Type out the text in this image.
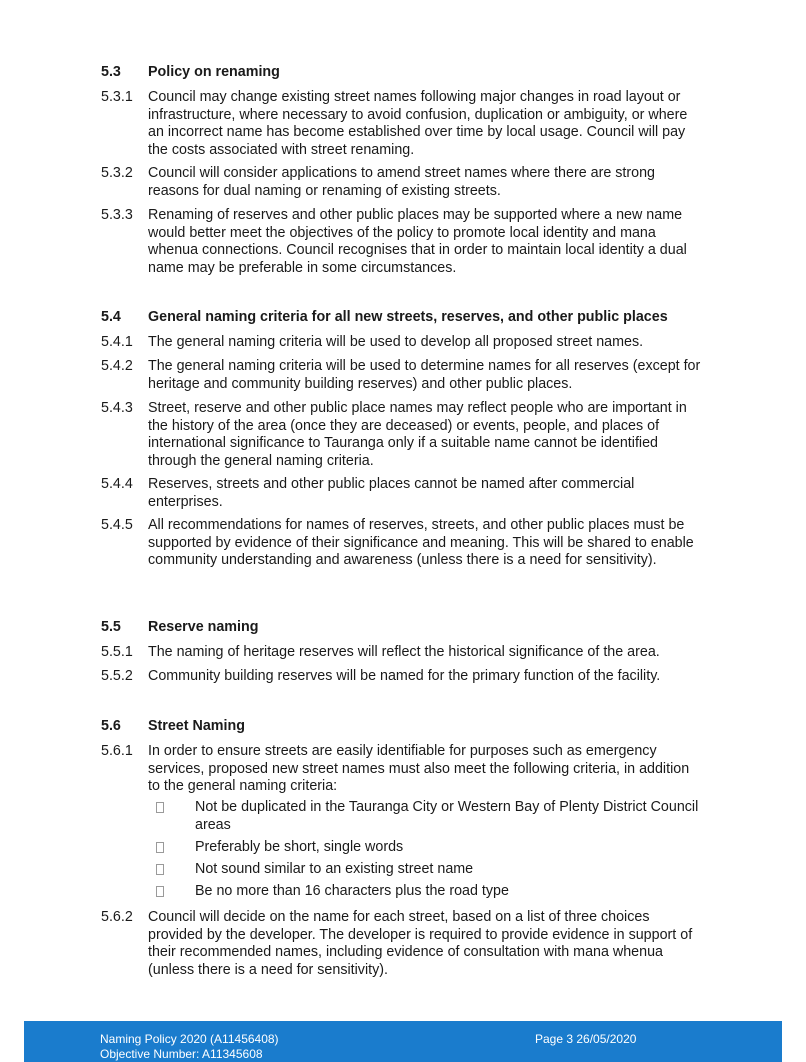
5.3 Policy on renaming
5.3.1	Council may change existing street names following major changes in road layout or infrastructure, where necessary to avoid confusion, duplication or ambiguity, or where an incorrect name has become established over time by local usage. Council will pay the costs associated with street renaming.
5.3.2	Council will consider applications to amend street names where there are strong reasons for dual naming or renaming of existing streets.
5.3.3	Renaming of reserves and other public places may be supported where a new name would better meet the objectives of the policy to promote local identity and mana whenua connections. Council recognises that in order to maintain local identity a dual name may be preferable in some circumstances.
5.4 General naming criteria for all new streets, reserves, and other public places
5.4.1	The general naming criteria will be used to develop all proposed street names.
5.4.2	The general naming criteria will be used to determine names for all reserves (except for heritage and community building reserves) and other public places.
5.4.3	Street, reserve and other public place names may reflect people who are important in the history of the area (once they are deceased) or events, people, and places of international significance to Tauranga only if a suitable name cannot be identified through the general naming criteria.
5.4.4	Reserves, streets and other public places cannot be named after commercial enterprises.
5.4.5	All recommendations for names of reserves, streets, and other public places must be supported by evidence of their significance and meaning. This will be shared to enable community understanding and awareness (unless there is a need for sensitivity).
5.5 Reserve naming
5.5.1	The naming of heritage reserves will reflect the historical significance of the area.
5.5.2	Community building reserves will be named for the primary function of the facility.
5.6 Street Naming
5.6.1	In order to ensure streets are easily identifiable for purposes such as emergency services, proposed new street names must also meet the following criteria, in addition to the general naming criteria:
Not be duplicated in the Tauranga City or Western Bay of Plenty District Council areas
Preferably be short, single words
Not sound similar to an existing street name
Be no more than 16 characters plus the road type
5.6.2	Council will decide on the name for each street, based on a list of three choices provided by the developer. The developer is required to provide evidence in support of their recommended names, including evidence of consultation with mana whenua (unless there is a need for sensitivity).
Naming Policy 2020 (A11456408)
Objective Number: A11345608
Page 3 26/05/2020
